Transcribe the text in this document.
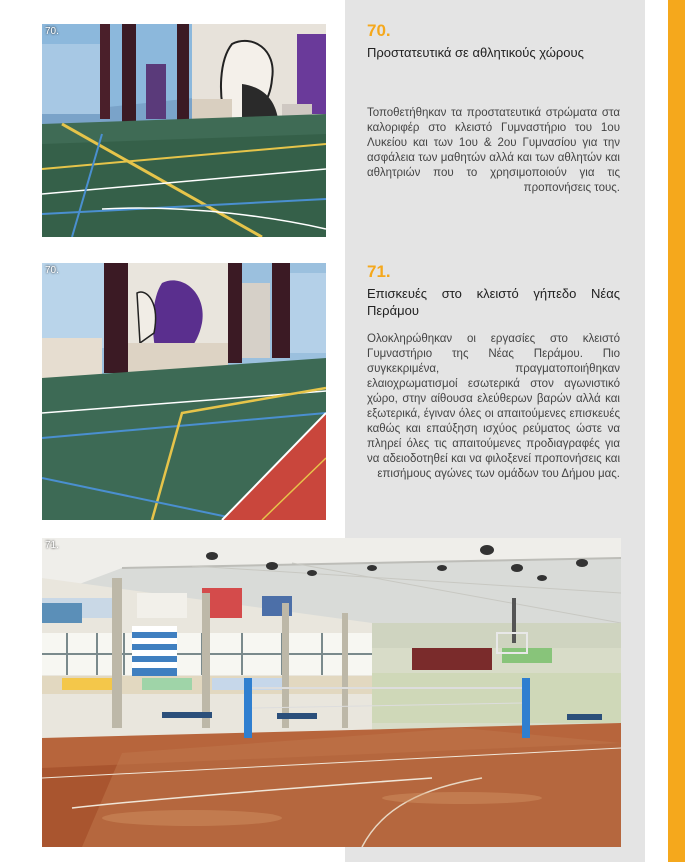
70.
70.
71.
70.
Προστατευτικά σε αθλητικούς χώρους
Τοποθετήθηκαν τα προστατευτικά στρώματα στα καλοριφέρ στο κλειστό Γυμναστήριο του 1ου Λυκείου και των 1ου & 2ου Γυμνασίου για την ασφάλεια των μαθητών αλλά και των αθλητών και αθλητριών που το χρησιμοποιούν για τις προπονήσεις τους.
71.
Επισκευές στο κλειστό γήπεδο Νέας Περάμου
Ολοκληρώθηκαν οι εργασίες στο κλειστό Γυμναστήριο της Νέας Περάμου. Πιο συγκεκριμένα, πραγματοποιήθηκαν ελαιοχρωματισμοί εσωτερικά στον αγωνιστικό χώρο, στην αίθουσα ελεύθερων βαρών αλλά και εξωτερικά, έγιναν όλες οι απαιτούμενες επισκευές καθώς και επαύξηση ισχύος ρεύματος ώστε να πληρεί όλες τις απαιτούμενες προδιαγραφές για να αδειοδοτηθεί και να φιλοξενεί προπονήσεις και επισήμους αγώνες των ομάδων του Δήμου μας.
